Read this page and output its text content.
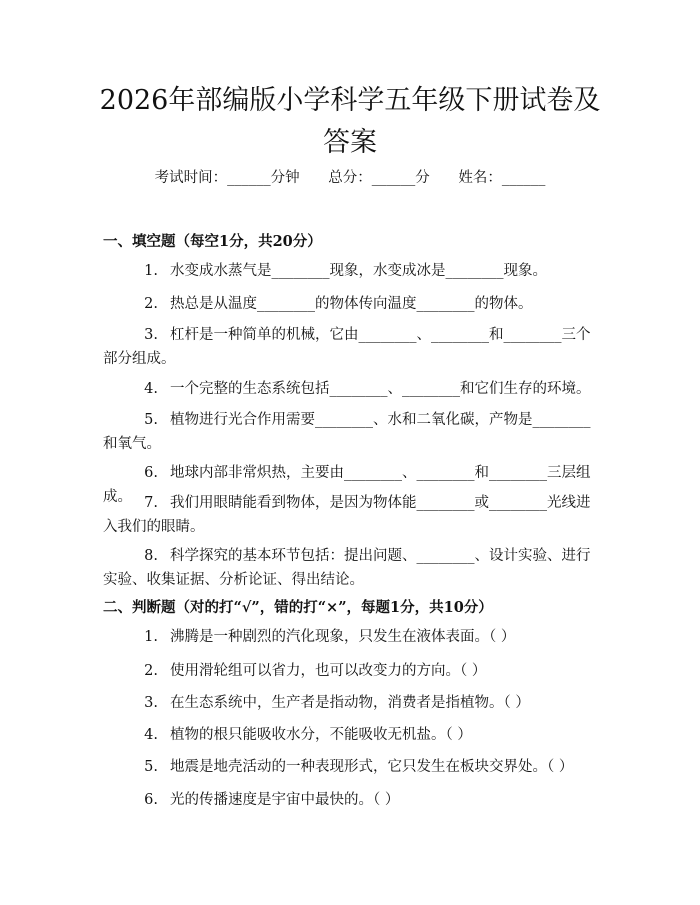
2026年部编版小学科学五年级下册试卷及答案
考试时间：______分钟 总分：______分 姓名：______
一、填空题（每空1分，共20分）
1. 水变成水蒸气是________现象，水变成冰是________现象。
2. 热总是从温度________的物体传向温度________的物体。
3. 杠杆是一种简单的机械，它由________、________和________三个部分组成。
4. 一个完整的生态系统包括________、________和它们生存的环境。
5. 植物进行光合作用需要________、水和二氧化碳，产物是________和氧气。
6. 地球内部非常炽热，主要由________、________和________三层组成。 7. 我们用眼睛能看到物体，是因为物体能________或________光线进入我们的眼睛。
8. 科学探究的基本环节包括：提出问题、________、设计实验、进行实验、收集证据、分析论证、得出结论。
二、判断题（对的打“√”，错的打“×”，每题1分，共10分）
1. 沸腾是一种剧烈的汽化现象，只发生在液体表面。（ ）
2. 使用滑轮组可以省力，也可以改变力的方向。（ ）
3. 在生态系统中，生产者是指动物，消费者是指植物。（ ）
4. 植物的根只能吸收水分，不能吸收无机盐。（ ）
5. 地震是地壳活动的一种表现形式，它只发生在板块交界处。（ ）
6. 光的传播速度是宇宙中最快的。（ ）
